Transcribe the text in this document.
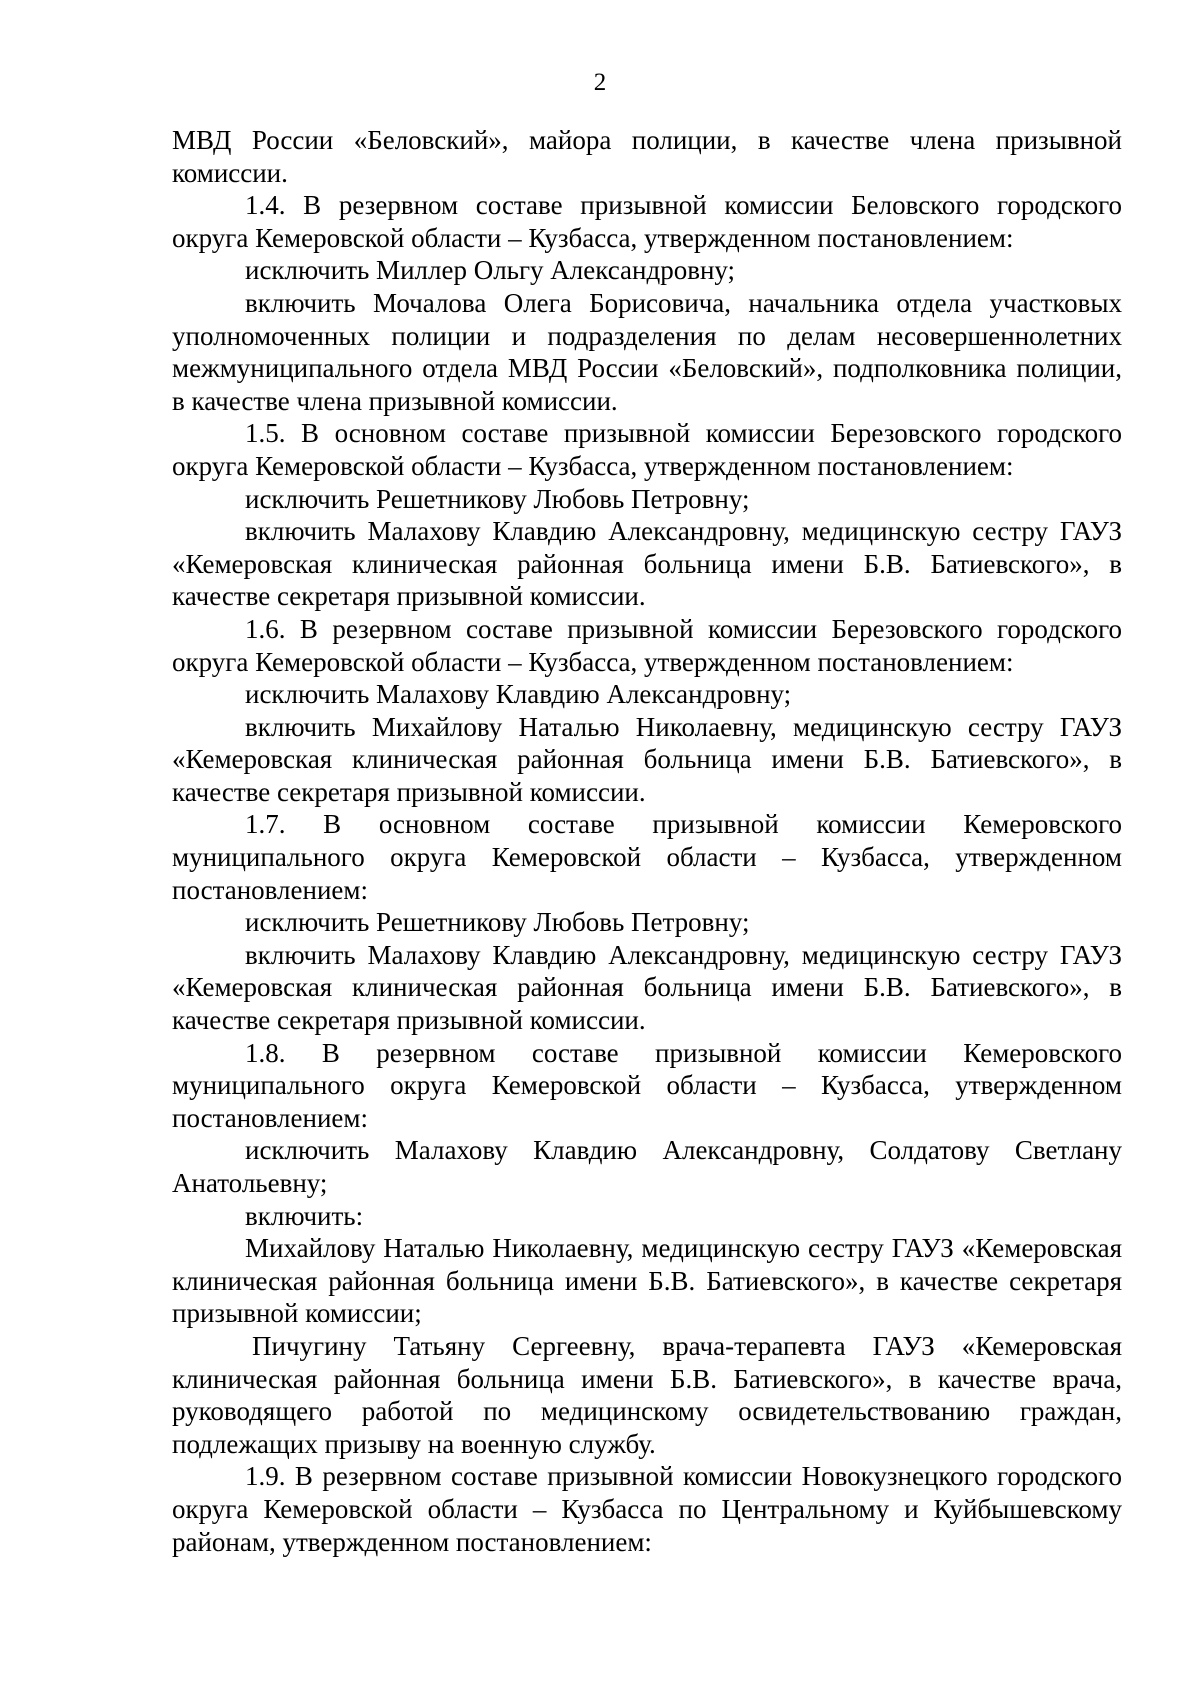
2

МВД России «Беловский», майора полиции, в качестве члена призывной комиссии.

1.4. В резервном составе призывной комиссии Беловского городского округа Кемеровской области – Кузбасса, утвержденном постановлением:

исключить Миллер Ольгу Александровну;

включить Мочалова Олега Борисовича, начальника отдела участковых уполномоченных полиции и подразделения по делам несовершеннолетних межмуниципального отдела МВД России «Беловский», подполковника полиции, в качестве члена призывной комиссии.

1.5. В основном составе призывной комиссии Березовского городского округа Кемеровской области – Кузбасса, утвержденном постановлением:

исключить Решетникову Любовь Петровну;

включить Малахову Клавдию Александровну, медицинскую сестру ГАУЗ «Кемеровская клиническая районная больница имени Б.В. Батиевского», в качестве секретаря призывной комиссии.

1.6. В резервном составе призывной комиссии Березовского городского округа Кемеровской области – Кузбасса, утвержденном постановлением:

исключить Малахову Клавдию Александровну;

включить Михайлову Наталью Николаевну, медицинскую сестру ГАУЗ «Кемеровская клиническая районная больница имени Б.В. Батиевского», в качестве секретаря призывной комиссии.

1.7. В основном составе призывной комиссии Кемеровского муниципального округа Кемеровской области – Кузбасса, утвержденном постановлением:

исключить Решетникову Любовь Петровну;

включить Малахову Клавдию Александровну, медицинскую сестру ГАУЗ «Кемеровская клиническая районная больница имени Б.В. Батиевского», в качестве секретаря призывной комиссии.

1.8. В резервном составе призывной комиссии Кемеровского муниципального округа Кемеровской области – Кузбасса, утвержденном постановлением:

исключить Малахову Клавдию Александровну, Солдатову Светлану Анатольевну;

включить:

Михайлову Наталью Николаевну, медицинскую сестру ГАУЗ «Кемеровская клиническая районная больница имени Б.В. Батиевского», в качестве секретаря призывной комиссии;

Пичугину Татьяну Сергеевну, врача-терапевта ГАУЗ «Кемеровская клиническая районная больница имени Б.В. Батиевского», в качестве врача, руководящего работой по медицинскому освидетельствованию граждан, подлежащих призыву на военную службу.

1.9. В резервном составе призывной комиссии Новокузнецкого городского округа Кемеровской области – Кузбасса по Центральному и Куйбышевскому районам, утвержденном постановлением:
